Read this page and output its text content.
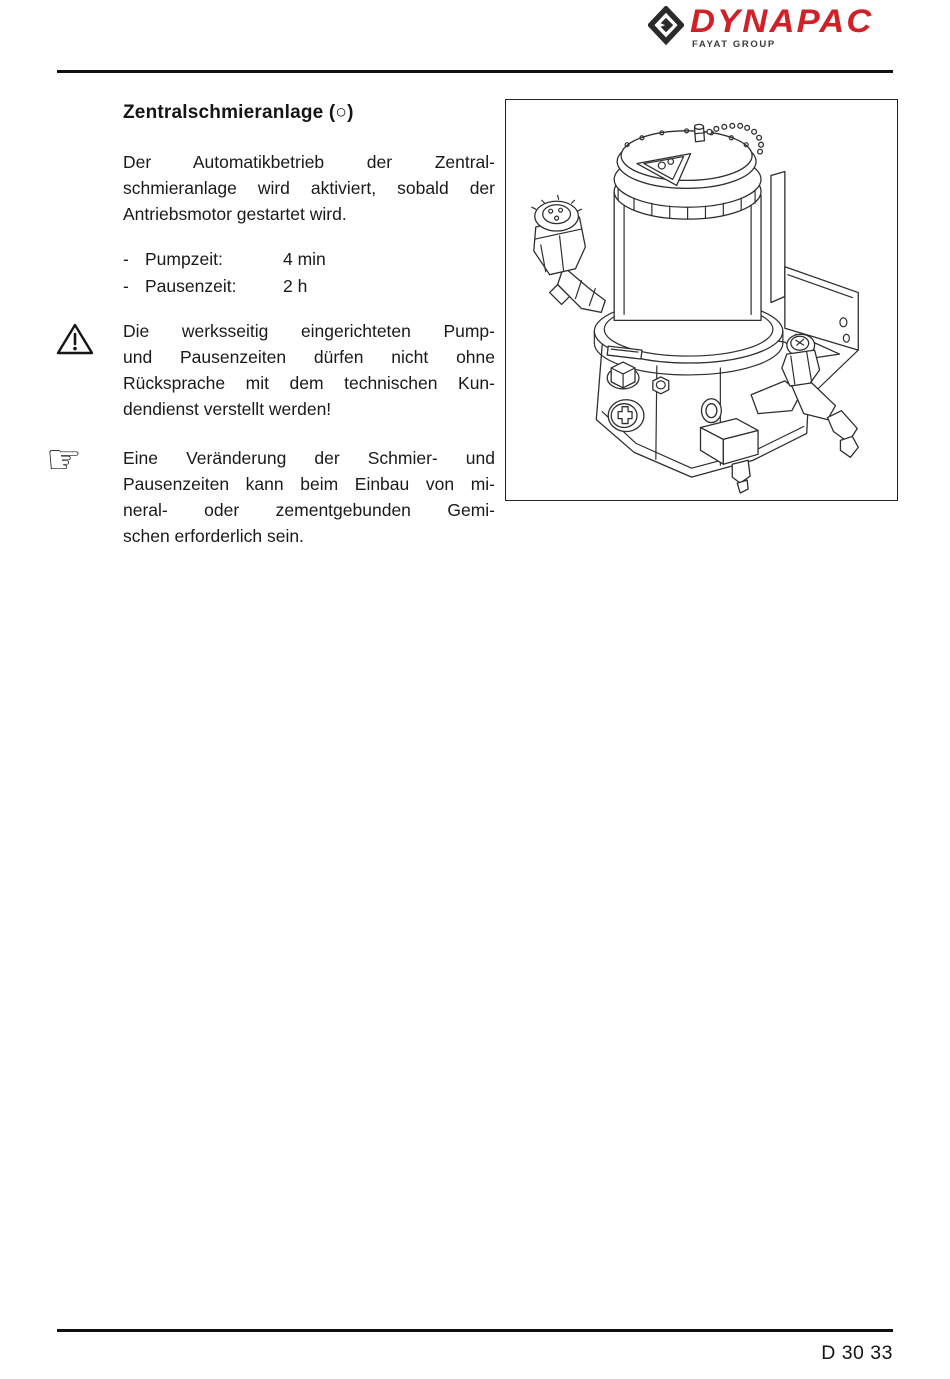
DYNAPAC
FAYAT GROUP
Zentralschmieranlage (○)
Der Automatikbetrieb der Zentral-
schmieranlage wird aktiviert, sobald der
Antriebsmotor gestartet wird.
- Pumpzeit:	4 min
- Pausenzeit:	2 h
Die werksseitig eingerichteten Pump-
und Pausenzeiten dürfen nicht ohne
Rücksprache mit dem technischen Kun-
dendienst verstellt werden!
☞ Eine Veränderung der Schmier- und
Pausenzeiten kann beim Einbau von mi-
neral- oder zementgebunden Gemi-
schen erforderlich sein.
D 30 33
